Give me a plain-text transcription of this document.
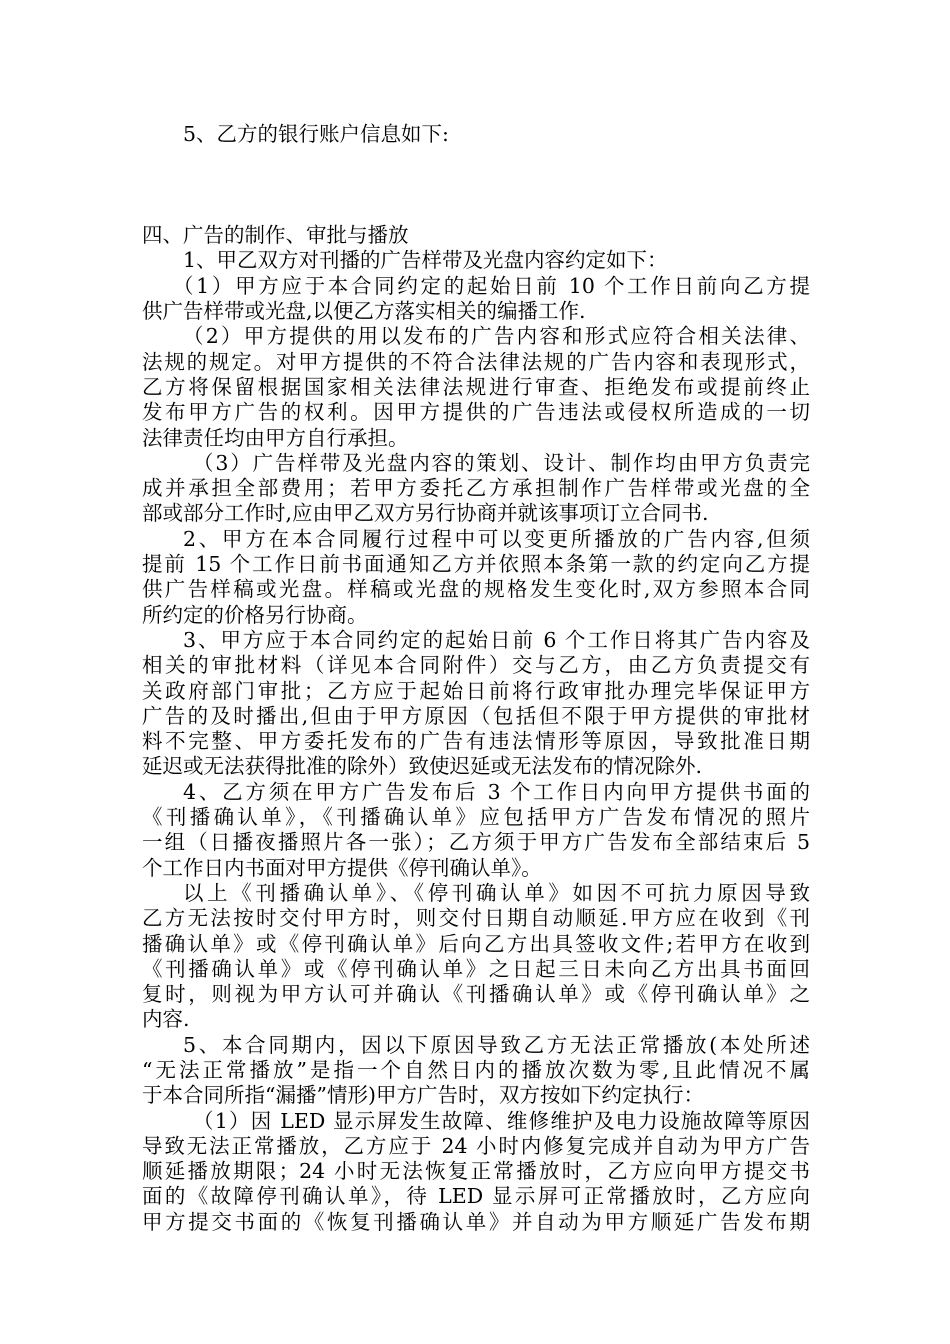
5、乙方的银行账户信息如下:

四、广告的制作、审批与播放
1、甲乙双方对刊播的广告样带及光盘内容约定如下：
（1）甲方应于本合同约定的起始日前 10 个工作日前向乙方提
供广告样带或光盘,以便乙方落实相关的编播工作.
（2）甲方提供的用以发布的广告内容和形式应符合相关法律、
法规的规定。对甲方提供的不符合法律法规的广告内容和表现形式，
乙方将保留根据国家相关法律法规进行审查、拒绝发布或提前终止
发布甲方广告的权利。因甲方提供的广告违法或侵权所造成的一切
法律责任均由甲方自行承担。
（3）广告样带及光盘内容的策划、设计、制作均由甲方负责完
成并承担全部费用；若甲方委托乙方承担制作广告样带或光盘的全
部或部分工作时,应由甲乙双方另行协商并就该事项订立合同书.
2、甲方在本合同履行过程中可以变更所播放的广告内容,但须
提前 15 个工作日前书面通知乙方并依照本条第一款的约定向乙方提
供广告样稿或光盘。样稿或光盘的规格发生变化时,双方参照本合同
所约定的价格另行协商。
3、甲方应于本合同约定的起始日前 6 个工作日将其广告内容及
相关的审批材料（详见本合同附件）交与乙方，由乙方负责提交有
关政府部门审批；乙方应于起始日前将行政审批办理完毕保证甲方
广告的及时播出,但由于甲方原因（包括但不限于甲方提供的审批材
料不完整、甲方委托发布的广告有违法情形等原因，导致批准日期
延迟或无法获得批准的除外）致使迟延或无法发布的情况除外.
4、乙方须在甲方广告发布后 3 个工作日内向甲方提供书面的
《刊播确认单》，《刊播确认单》应包括甲方广告发布情况的照片
一组（日播夜播照片各一张）；乙方须于甲方广告发布全部结束后 5
个工作日内书面对甲方提供《停刊确认单》。
以上《刊播确认单》、《停刊确认单》如因不可抗力原因导致
乙方无法按时交付甲方时，则交付日期自动顺延.甲方应在收到《刊
播确认单》或《停刊确认单》后向乙方出具签收文件;若甲方在收到
《刊播确认单》或《停刊确认单》之日起三日未向乙方出具书面回
复时，则视为甲方认可并确认《刊播确认单》或《停刊确认单》之
内容.
5、本合同期内，因以下原因导致乙方无法正常播放(本处所述
“无法正常播放”是指一个自然日内的播放次数为零,且此情况不属
于本合同所指“漏播”情形)甲方广告时，双方按如下约定执行：
（1）因 LED 显示屏发生故障、维修维护及电力设施故障等原因
导致无法正常播放，乙方应于 24 小时内修复完成并自动为甲方广告
顺延播放期限；24 小时无法恢复正常播放时，乙方应向甲方提交书
面的《故障停刊确认单》，待 LED 显示屏可正常播放时，乙方应向
甲方提交书面的《恢复刊播确认单》并自动为甲方顺延广告发布期
